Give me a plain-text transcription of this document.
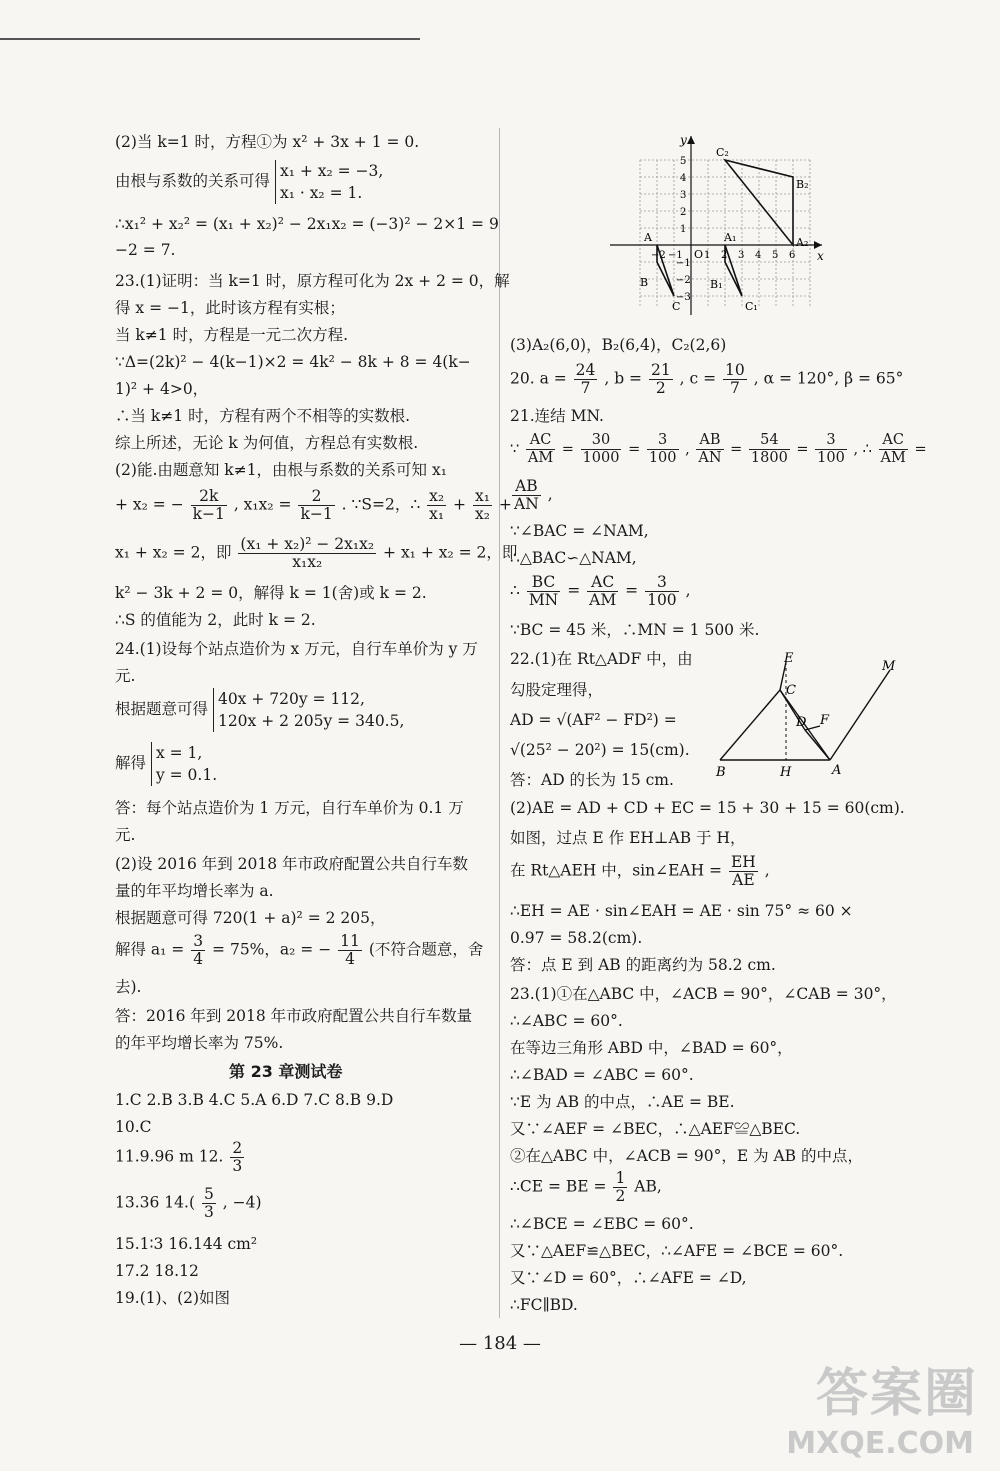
(2)当 k=1 时，方程①为 x² + 3x + 1 = 0.
由根与系数的关系可得
x₁ + x₂ = −3,
x₁ · x₂ = 1.
∴x₁² + x₂² = (x₁ + x₂)² − 2x₁x₂ = (−3)² − 2×1 = 9
−2 = 7.
23.(1)证明：当 k=1 时，原方程可化为 2x + 2 = 0，解
得 x = −1，此时该方程有实根；
当 k≠1 时，方程是一元二次方程.
∵Δ=(2k)² − 4(k−1)×2 = 4k² − 8k + 8 = 4(k−
1)² + 4>0，
∴当 k≠1 时，方程有两个不相等的实数根.
综上所述，无论 k 为何值，方程总有实数根.
(2)能.由题意知 k≠1，由根与系数的关系可知 x₁
+ x₂ = − $\frac{2k}{k-1}$ , $x_1x_2 = \frac{2}{k-1}$ . ∵S=2，∴ $\frac{\text{x₂}}{\text{x₁}} + \frac{\text{x₁}}{\text{x₂}}$ +
x₁ + x₂ = 2，即 $\frac{\text{(x₁ + x₂)² − 2x₁x₂}}{\text{x₁x₂}} + x_1 + x_2 = 2$，即
k² − 3k + 2 = 0，解得 k = 1(舍)或 k = 2.
∴S 的值能为 2，此时 k = 2.
24.(1)设每个站点造价为 x 万元，自行车单价为 y 万
元.
根据题意可得
40x + 720y = 112,
120x + 2 205y = 340.5,
解得
x = 1,
y = 0.1.
答：每个站点造价为 1 万元，自行车单价为 0.1 万
元.
(2)设 2016 年到 2018 年市政府配置公共自行车数
量的年平均增长率为 a.
根据题意可得 720(1 + a)² = 2 205，
解得 $a_1 = \frac{3}{4} = 75\%$，a₂ = − $\frac{11}{4}$ (不符合题意，舍
去).
答：2016 年到 2018 年市政府配置公共自行车数量
的年平均增长率为 75%.
第 23 章测试卷
1.C 2.B 3.B 4.C 5.A 6.D 7.C 8.B 9.D
10.C
11.9.96 m 12. $\frac{2}{3}$
13.36 $14.( \frac{5}{3}$ , −4)
15.1∶3 16.144 cm²
17.2 18.12
19.(1)、(2)如图
x
y
O
C₂
B₂
A₂
A
B
C
A₁
B₁
C₁
−2 −1 1 2 3 4 5 6
5
4
3
2
1
−1
−2
−3
(3)A₂(6,0)，B₂(6,4)，C₂(2,6)
20. $a = \frac{24}{7}$ , $b = \frac{21}{2}$ , $c = \frac{10}{7}$ , α = 120°, β = 65°
21.连结 MN.
∵ $\frac{AC}{AM} = \frac{30}{1000} = \frac{3}{100}$ , $\frac{AB}{AN} = \frac{54}{1800} = \frac{3}{100}$ , ∴ $\frac{AC}{AM}$ =
$\frac{AB}{AN}$ ,
∵∠BAC = ∠NAM,
∴△BAC∽△NAM,
∴ $\frac{BC}{MN} = \frac{AC}{AM} = \frac{3}{100}$ ,
∵BC = 45 米，∴MN = 1 500 米.
22.(1)在 Rt△ADF 中，由
勾股定理得，
AD = √(AF² − FD²) =
√(25² − 20²) = 15(cm).
答：AD 的长为 15 cm.
(2)AE = AD + CD + EC = 15 + 30 + 15 = 60(cm).
如图，过点 E 作 EH⊥AB 于 H，
在 Rt△AEH 中，sin∠EAH = $\frac{EH}{AE}$ ,
∴EH = AE · sin∠EAH = AE · sin 75° ≈ 60 ×
0.97 = 58.2(cm).
答：点 E 到 AB 的距离约为 58.2 cm.
23.(1)①在△ABC 中，∠ACB = 90°，∠CAB = 30°，
∴∠ABC = 60°.
在等边三角形 ABD 中，∠BAD = 60°，
∴∠BAD = ∠ABC = 60°.
∵E 为 AB 的中点，∴AE = BE.
又∵∠AEF = ∠BEC，∴△AEF≌△BEC.
②在△ABC 中，∠ACB = 90°，E 为 AB 的中点，
∴CE = BE = $\frac{1}{2}$ AB,
∴∠BCE = ∠EBC = 60°.
又∵△AEF≌△BEC，∴∠AFE = ∠BCE = 60°.
又∵∠D = 60°，∴∠AFE = ∠D,
∴FC∥BD.
E
C
D F
M
B	H	A
— 184 —
答案圈
MXQE.COM
